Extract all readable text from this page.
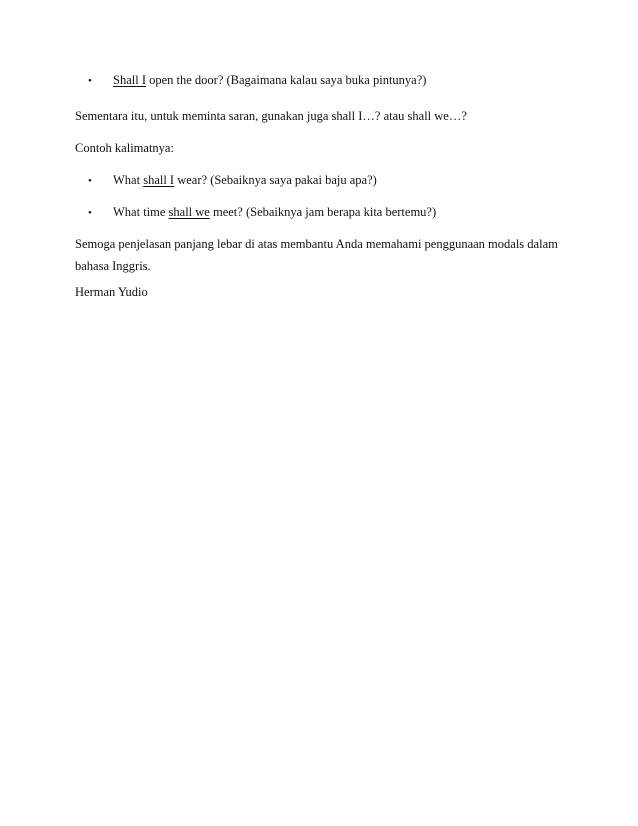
• Shall I open the door? (Bagaimana kalau saya buka pintunya?)
Sementara itu, untuk meminta saran, gunakan juga shall I…? atau shall we…?
Contoh kalimatnya:
• What shall I wear? (Sebaiknya saya pakai baju apa?)
• What time shall we meet? (Sebaiknya jam berapa kita bertemu?)
Semoga penjelasan panjang lebar di atas membantu Anda memahami penggunaan modals dalam
bahasa Inggris.
Herman Yudio
